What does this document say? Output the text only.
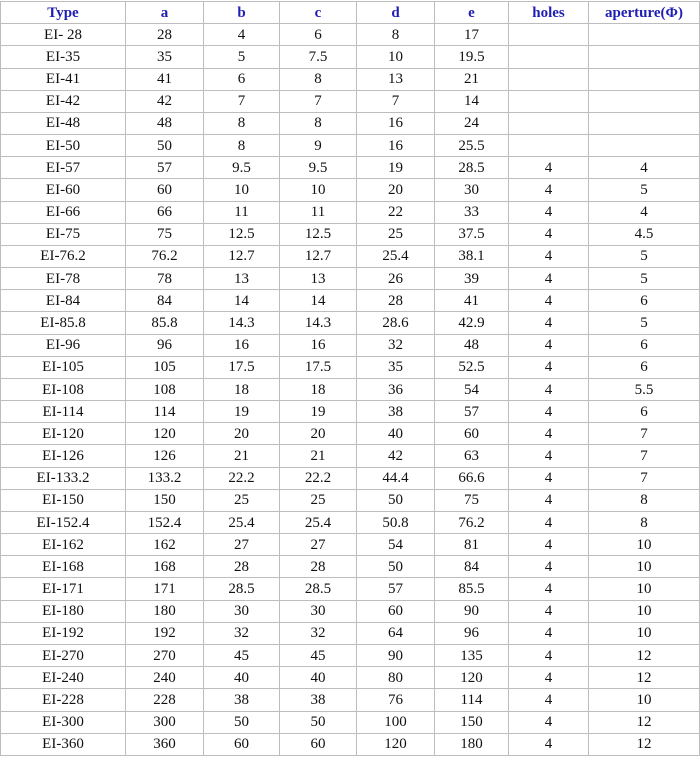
Type	a	b	c	d	e	holes	aperture(Φ)
EI- 28	28	4	6	8	17		
EI-35	35	5	7.5	10	19.5		
EI-41	41	6	8	13	21		
EI-42	42	7	7	7	14		
EI-48	48	8	8	16	24		
EI-50	50	8	9	16	25.5		
EI-57	57	9.5	9.5	19	28.5	4	4
EI-60	60	10	10	20	30	4	5
EI-66	66	11	11	22	33	4	4
EI-75	75	12.5	12.5	25	37.5	4	4.5
EI-76.2	76.2	12.7	12.7	25.4	38.1	4	5
EI-78	78	13	13	26	39	4	5
EI-84	84	14	14	28	41	4	6
EI-85.8	85.8	14.3	14.3	28.6	42.9	4	5
EI-96	96	16	16	32	48	4	6
EI-105	105	17.5	17.5	35	52.5	4	6
EI-108	108	18	18	36	54	4	5.5
EI-114	114	19	19	38	57	4	6
EI-120	120	20	20	40	60	4	7
EI-126	126	21	21	42	63	4	7
EI-133.2	133.2	22.2	22.2	44.4	66.6	4	7
EI-150	150	25	25	50	75	4	8
EI-152.4	152.4	25.4	25.4	50.8	76.2	4	8
EI-162	162	27	27	54	81	4	10
EI-168	168	28	28	50	84	4	10
EI-171	171	28.5	28.5	57	85.5	4	10
EI-180	180	30	30	60	90	4	10
EI-192	192	32	32	64	96	4	10
EI-270	270	45	45	90	135	4	12
EI-240	240	40	40	80	120	4	12
EI-228	228	38	38	76	114	4	10
EI-300	300	50	50	100	150	4	12
EI-360	360	60	60	120	180	4	12
